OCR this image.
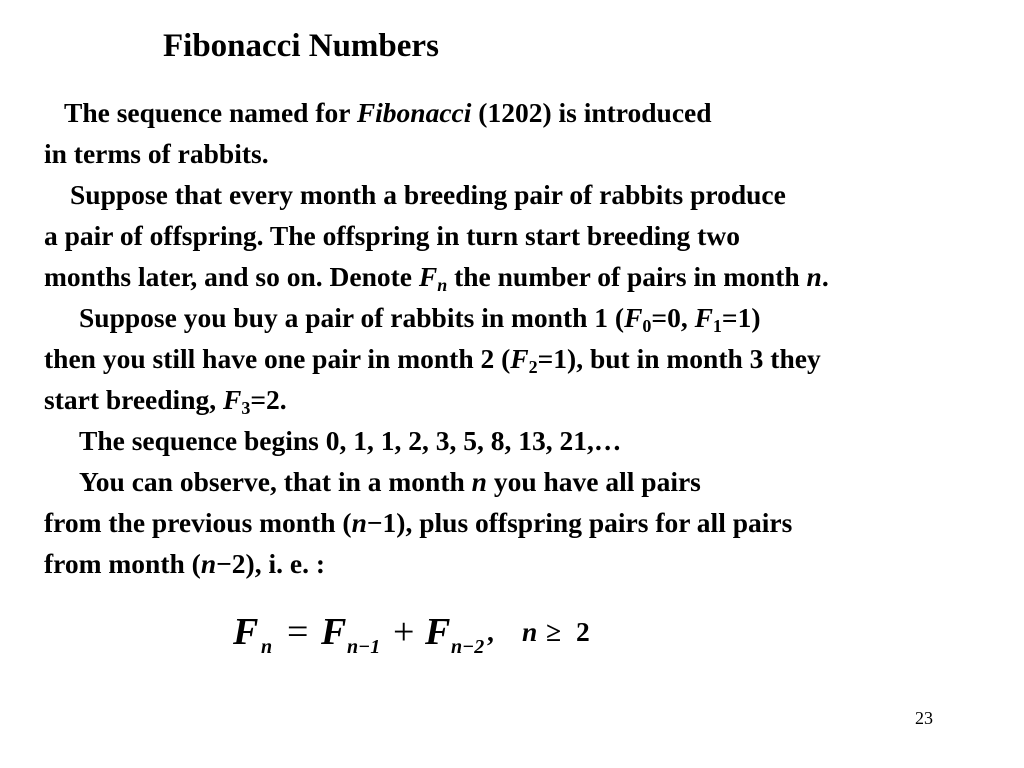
Fibonacci Numbers
The sequence named for Fibonacci (1202) is introduced
in terms of rabbits.
Suppose that every month a breeding pair of rabbits produce
a pair of offspring. The offspring in turn start breeding two
months later, and so on. Denote $F_n$ the number of pairs in month n.
Suppose you buy a pair of rabbits in month 1 ($F_0=0$, $F_1=1$)
then you still have one pair in month 2 $(F_2=1)$, but in month 3 they
start breeding, $F_3=2$.
The sequence begins 0, 1, 1, 2, 3, 5, 8, 13, 21,…
You can observe, that in a month n you have all pairs
from the previous month (n−1), plus offspring pairs for all pairs
from month (n−2), i. e. :
F n = F n−1 + F n−2 , n ≥ 2
23
